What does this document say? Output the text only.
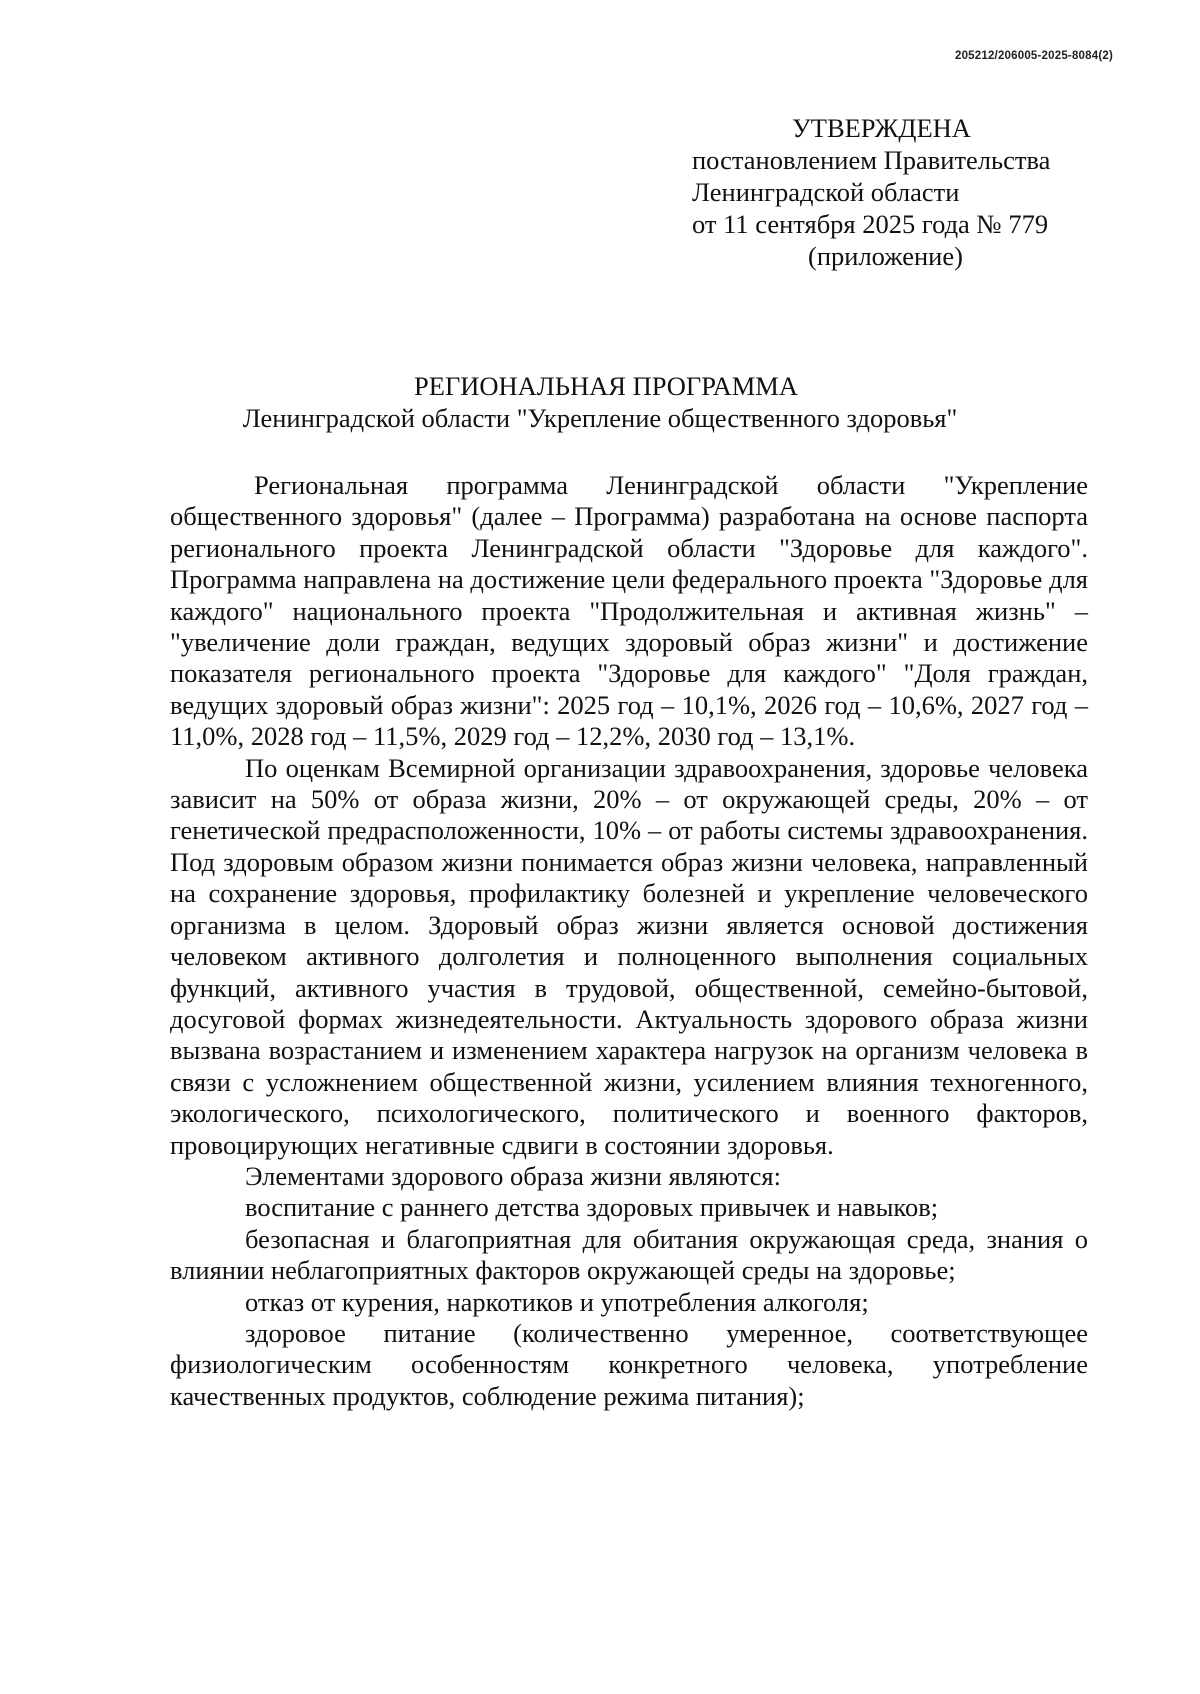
205212/206005-2025-8084(2)
УТВЕРЖДЕНА
постановлением Правительства
Ленинградской области
от 11 сентября 2025 года № 779
(приложение)
РЕГИОНАЛЬНАЯ ПРОГРАММА
Ленинградской области "Укрепление общественного здоровья"

Региональная программа Ленинградской области "Укрепление общественного здоровья" (далее – Программа) разработана на основе паспорта регионального проекта Ленинградской области "Здоровье для каждого". Программа направлена на достижение цели федерального проекта "Здоровье для каждого" национального проекта "Продолжительная и активная жизнь" – "увеличение доли граждан, ведущих здоровый образ жизни" и достижение показателя регионального проекта "Здоровье для каждого" "Доля граждан, ведущих здоровый образ жизни": 2025 год – 10,1%, 2026 год – 10,6%, 2027 год – 11,0%, 2028 год – 11,5%, 2029 год – 12,2%, 2030 год – 13,1%.

По оценкам Всемирной организации здравоохранения, здоровье человека зависит на 50% от образа жизни, 20% – от окружающей среды, 20% – от генетической предрасположенности, 10% – от работы системы здравоохранения. Под здоровым образом жизни понимается образ жизни человека, направленный на сохранение здоровья, профилактику болезней и укрепление человеческого организма в целом. Здоровый образ жизни является основой достижения человеком активного долголетия и полноценного выполнения социальных функций, активного участия в трудовой, общественной, семейно-бытовой, досуговой формах жизнедеятельности. Актуальность здорового образа жизни вызвана возрастанием и изменением характера нагрузок на организм человека в связи с усложнением общественной жизни, усилением влияния техногенного, экологического, психологического, политического и военного факторов, провоцирующих негативные сдвиги в состоянии здоровья.

Элементами здорового образа жизни являются:

воспитание с раннего детства здоровых привычек и навыков;

безопасная и благоприятная для обитания окружающая среда, знания о влиянии неблагоприятных факторов окружающей среды на здоровье;

отказ от курения, наркотиков и употребления алкоголя;

здоровое питание (количественно умеренное, соответствующее физиологическим особенностям конкретного человека, употребление качественных продуктов, соблюдение режима питания);
